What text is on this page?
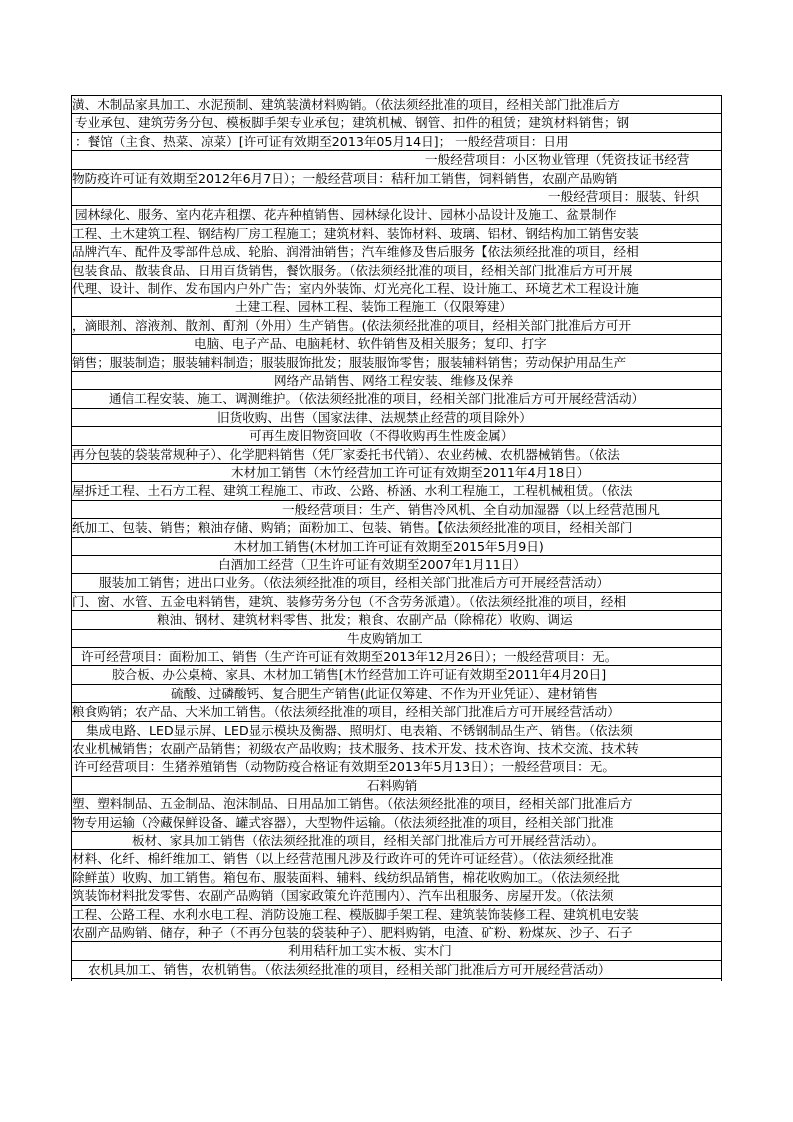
潢、木制品家具加工、水泥预制、建筑装潢材料购销。（依法须经批准的项目，经相关部门批准后方
专业承包、建筑劳务分包、模板脚手架专业承包；建筑机械、钢管、扣件的租赁；建筑材料销售；钢
：餐馆（主食、热菜、凉菜）[许可证有效期至2013年05月14日]； 一般经营项目：日用
一般经营项目：小区物业管理（凭资技证书经营
物防疫许可证有效期至2012年6月7日）；一般经营项目：秸秆加工销售，饲料销售，农副产品购销
一般经营项目：服装、针织
园林绿化、服务、室内花卉租摆、花卉种植销售、园林绿化设计、园林小品设计及施工、盆景制作
工程、土木建筑工程、钢结构厂房工程施工；建筑材料、装饰材料、玻璃、铝材、钢结构加工销售安装
品牌汽车、配件及零部件总成、轮胎、润滑油销售；汽车维修及售后服务【依法须经批准的项目，经相
包装食品、散装食品、日用百货销售，餐饮服务。（依法须经批准的项目，经相关部门批准后方可开展
代理、设计、制作、发布国内户外广告；室内外装饰、灯光亮化工程、设计施工、环境艺术工程设计施
土建工程、园林工程、装饰工程施工（仅限筹建）
，滴眼剂、溶液剂、散剂、酊剂（外用）生产销售。(依法须经批准的项目，经相关部门批准后方可开
电脑、电子产品、电脑耗材、软件销售及相关服务；复印、打字
销售；服装制造；服装辅料制造；服装服饰批发；服装服饰零售；服装辅料销售；劳动保护用品生产
网络产品销售、网络工程安装、维修及保养
通信工程安装、施工、调测维护。（依法须经批准的项目，经相关部门批准后方可开展经营活动）
旧货收购、出售（国家法律、法规禁止经营的项目除外）
可再生废旧物资回收（不得收购再生性废金属）
再分包装的袋装常规种子）、化学肥料销售（凭厂家委托书代销）、农业药械、农机器械销售。（依法
木材加工销售（木竹经营加工许可证有效期至2011年4月18日）
屋拆迁工程、土石方工程、建筑工程施工、市政、公路、桥涵、水利工程施工，工程机械租赁。（依法
一般经营项目：生产、销售冷风机、全自动加湿器（以上经营范围凡
纸加工、包装、销售；粮油存储、购销；面粉加工、包装、销售。【依法须经批准的项目，经相关部门
木材加工销售(木材加工许可证有效期至2015年5月9日)
白酒加工经营（卫生许可证有效期至2007年1月11日）
服装加工销售；进出口业务。（依法须经批准的项目，经相关部门批准后方可开展经营活动）
门、窗、水管、五金电料销售，建筑、装修劳务分包（不含劳务派遣）。（依法须经批准的项目，经相
粮油、钢材、建筑材料零售、批发；粮食、农副产品（除棉花）收购、调运
牛皮购销加工
许可经营项目：面粉加工、销售（生产许可证有效期至2013年12月26日）；一般经营项目：无。
胶合板、办公桌椅、家具、木材加工销售[木竹经营加工许可证有效期至2011年4月20日]
硫酸、过磷酸钙、复合肥生产销售(此证仅筹建、不作为开业凭证）、建材销售
粮食购销；农产品、大米加工销售。（依法须经批准的项目，经相关部门批准后方可开展经营活动）
集成电路、LED显示屏、LED显示模块及衡器、照明灯、电表箱、不锈钢制品生产、销售。（依法须
农业机械销售；农副产品销售；初级农产品收购；技术服务、技术开发、技术咨询、技术交流、技术转
许可经营项目：生猪养殖销售（动物防疫合格证有效期至2013年5月13日）；一般经营项目：无。
石料购销
塑、塑料制品、五金制品、泡沫制品、日用品加工销售。（依法须经批准的项目，经相关部门批准后方
物专用运输（冷藏保鲜设备、罐式容器），大型物件运输。（依法须经批准的项目，经相关部门批准
板材、家具加工销售（依法须经批准的项目，经相关部门批准后方可开展经营活动）。
材料、化纤、棉纤维加工、销售（以上经营范围凡涉及行政许可的凭许可证经营）。（依法须经批准
除鲜茧）收购、加工销售。箱包布、服装面料、辅料、线纺织品销售，棉花收购加工。（依法须经批
筑装饰材料批发零售、农副产品购销（国家政策允许范围内）、汽车出租服务、房屋开发。（依法须
工程、公路工程、水利水电工程、消防设施工程、模版脚手架工程、建筑装饰装修工程、建筑机电安装
农副产品购销、储存，种子（不再分包装的袋装种子）、肥料购销，电渣、矿粉、粉煤灰、沙子、石子
利用秸秆加工实木板、实木门
农机具加工、销售，农机销售。（依法须经批准的项目，经相关部门批准后方可开展经营活动）
